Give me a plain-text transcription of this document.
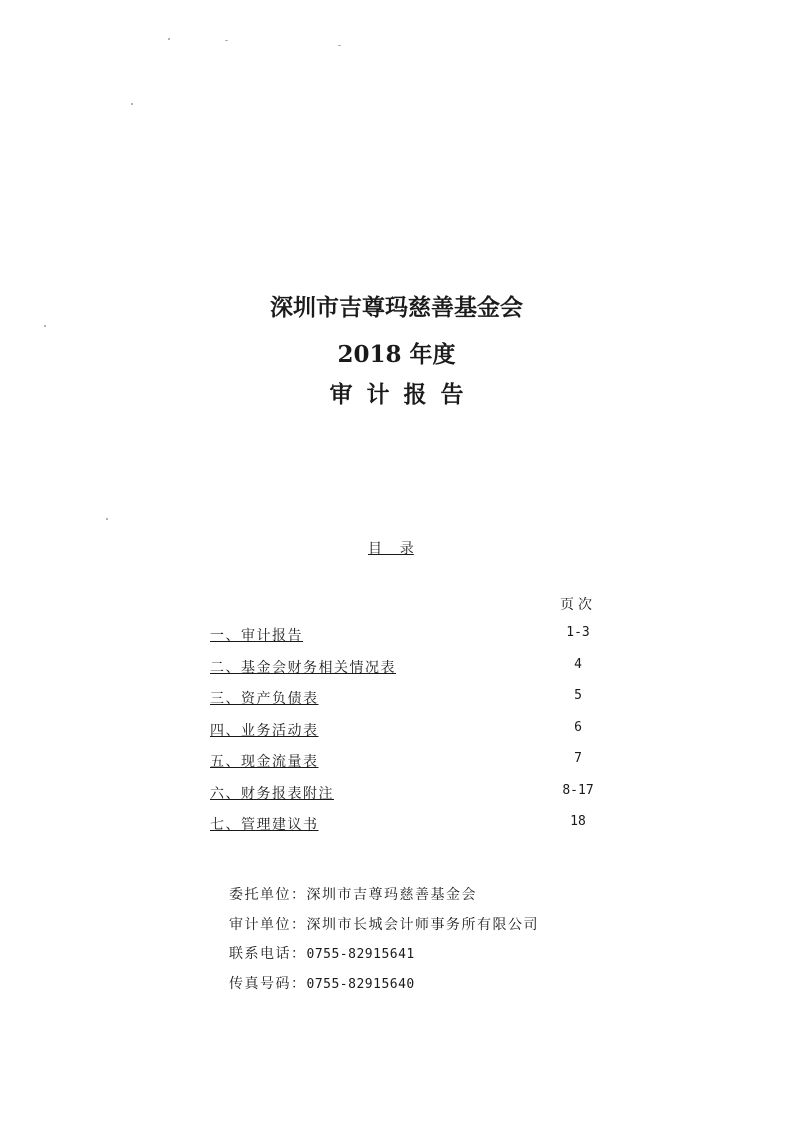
深圳市吉尊玛慈善基金会
2018 年度
审计报告
目    录
页次
一、审计报告	1-3
二、基金会财务相关情况表	4
三、资产负债表	5
四、业务活动表	6
五、现金流量表	7
六、财务报表附注	8-17
七、管理建议书	18
委托单位：深圳市吉尊玛慈善基金会
审计单位：深圳市长城会计师事务所有限公司
联系电话：0755-82915641
传真号码：0755-82915640
